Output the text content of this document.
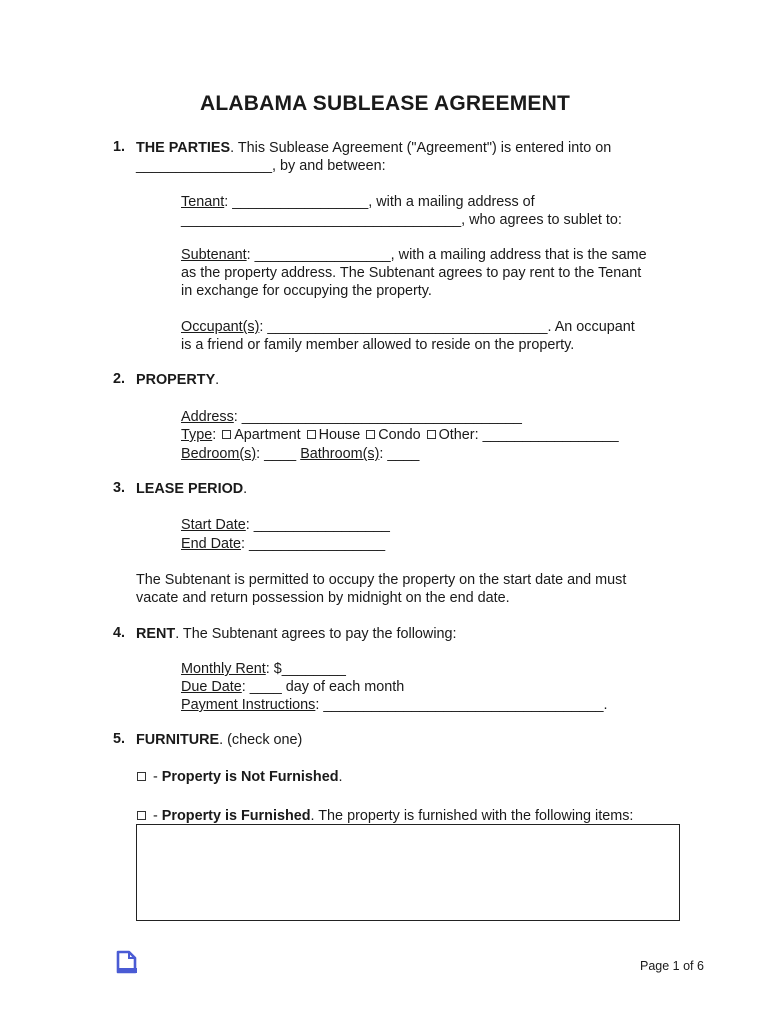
ALABAMA SUBLEASE AGREEMENT
1. THE PARTIES. This Sublease Agreement ("Agreement") is entered into on
_________________, by and between:
Tenant: _________________, with a mailing address of
___________________________________, who agrees to sublet to:
Subtenant: _________________, with a mailing address that is the same
as the property address. The Subtenant agrees to pay rent to the Tenant
in exchange for occupying the property.
Occupant(s): ___________________________________. An occupant
is a friend or family member allowed to reside on the property.
2. PROPERTY.
Address: ___________________________________
Type: Apartment House Condo Other: _________________
Bedroom(s): ____ Bathroom(s): ____
3. LEASE PERIOD.
Start Date: _________________
End Date: _________________
The Subtenant is permitted to occupy the property on the start date and must
vacate and return possession by midnight on the end date.
4. RENT. The Subtenant agrees to pay the following:
Monthly Rent: $________
Due Date: ____ day of each month
Payment Instructions: ___________________________________.
5. FURNITURE. (check one)
- Property is Not Furnished.
- Property is Furnished. The property is furnished with the following items:
Page 1 of 6
